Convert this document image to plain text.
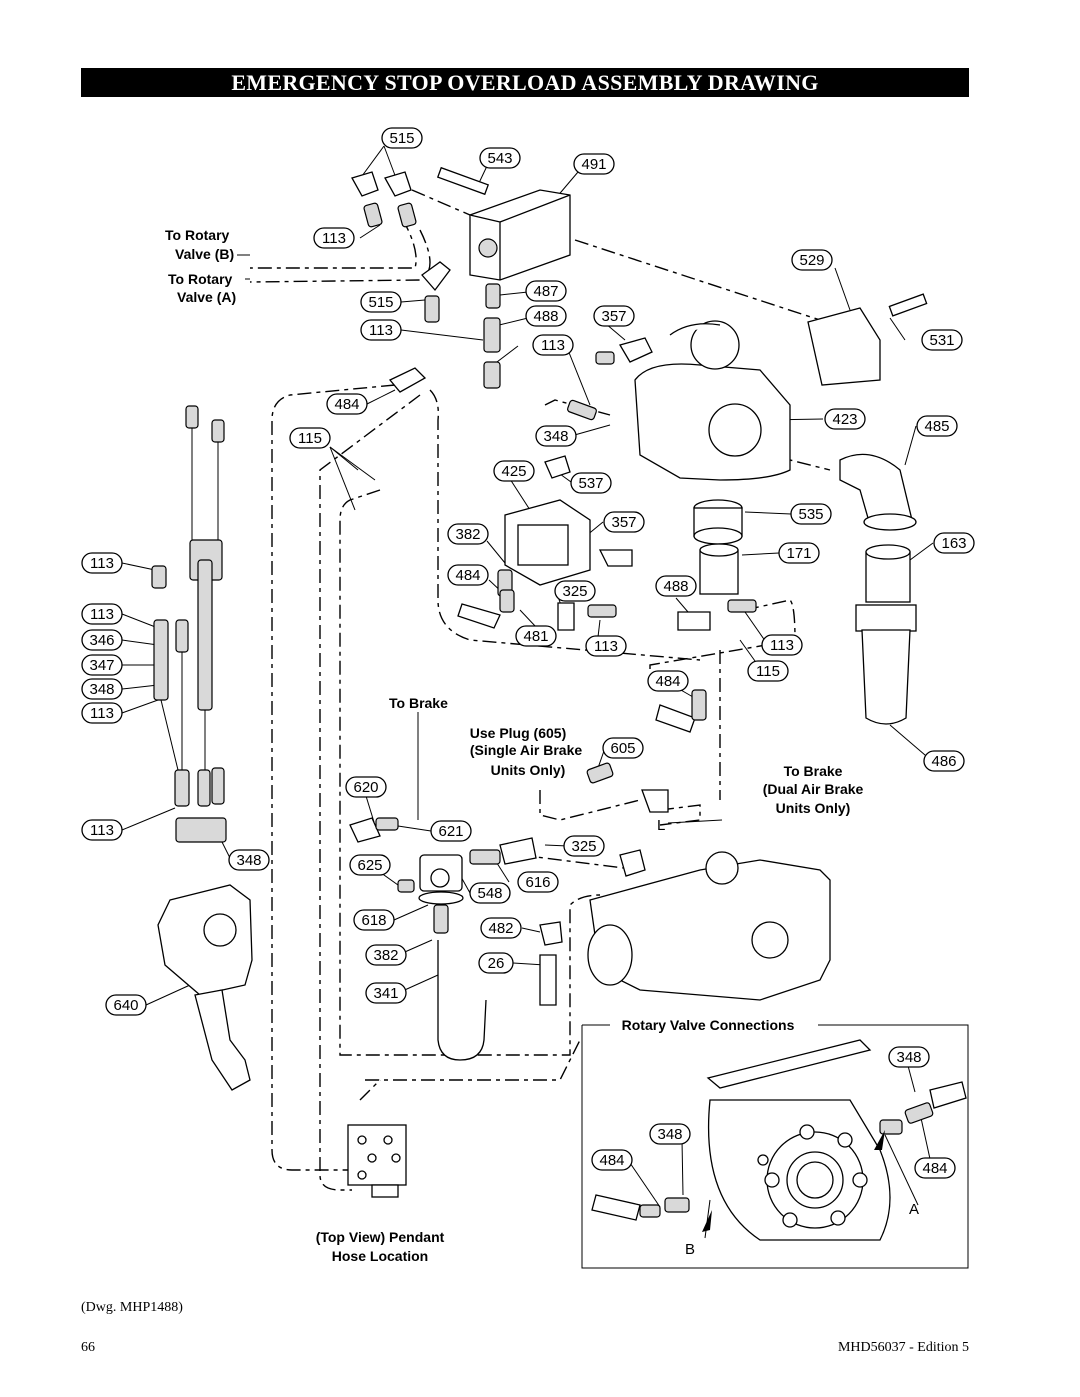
EMERGENCY STOP OVERLOAD ASSEMBLY DRAWING
To Rotary
Valve (B)
To Rotary
Valve (A)
To Brake
Use Plug (605)
(Single Air Brake
Units Only)	To Brake
(Dual Air Brake
Units Only)
Rotary Valve Connections
(Top View) Pendant
Hose Location
A
B
L
515
543	491
113
529
487
515
488	357
113
113	531
484
423	485
115	348
425
537
535
382
357
163
113
171
484
325	488
113
346	481
113	113
347	115
348	484
113
605
486
620
113	621
325
348	625
616
548
618	482
382	26
341
640
348
348
484	484
(Dwg. MHP1488)
66	MHD56037 - Edition 5
